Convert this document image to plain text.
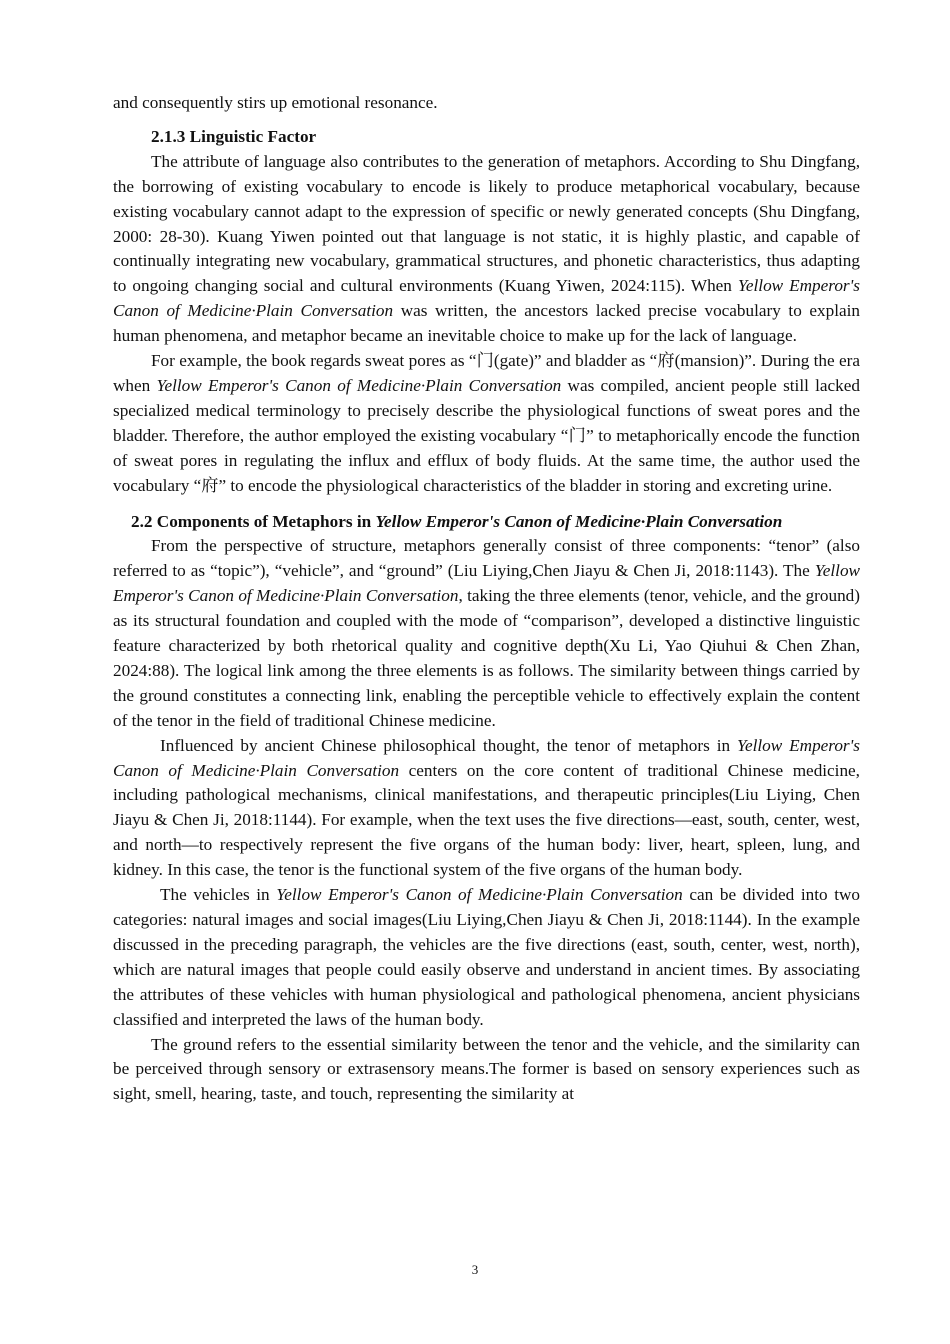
and consequently stirs up emotional resonance.

2.1.3 Linguistic Factor

The attribute of language also contributes to the generation of metaphors. According to Shu Dingfang, the borrowing of existing vocabulary to encode is likely to produce metaphorical vocabulary, because existing vocabulary cannot adapt to the expression of specific or newly generated concepts (Shu Dingfang, 2000: 28-30). Kuang Yiwen pointed out that language is not static, it is highly plastic, and capable of continually integrating new vocabulary, grammatical structures, and phonetic characteristics, thus adapting to ongoing changing social and cultural environments (Kuang Yiwen, 2024:115). When Yellow Emperor's Canon of Medicine·Plain Conversation was written, the ancestors lacked precise vocabulary to explain human phenomena, and metaphor became an inevitable choice to make up for the lack of language.

For example, the book regards sweat pores as “门(gate)” and bladder as “府(mansion)”. During the era when Yellow Emperor's Canon of Medicine·Plain Conversation was compiled, ancient people still lacked specialized medical terminology to precisely describe the physiological functions of sweat pores and the bladder. Therefore, the author employed the existing vocabulary “门” to metaphorically encode the function of sweat pores in regulating the influx and efflux of body fluids. At the same time, the author used the vocabulary “府” to encode the physiological characteristics of the bladder in storing and excreting urine.

2.2 Components of Metaphors in Yellow Emperor's Canon of Medicine·Plain Conversation

From the perspective of structure, metaphors generally consist of three components: “tenor” (also referred to as “topic”), “vehicle”, and “ground” (Liu Liying,Chen Jiayu & Chen Ji, 2018:1143). The Yellow Emperor's Canon of Medicine·Plain Conversation, taking the three elements (tenor, vehicle, and the ground) as its structural foundation and coupled with the mode of “comparison”, developed a distinctive linguistic feature characterized by both rhetorical quality and cognitive depth(Xu Li, Yao Qiuhui & Chen Zhan, 2024:88). The logical link among the three elements is as follows. The similarity between things carried by the ground constitutes a connecting link, enabling the perceptible vehicle to effectively explain the content of the tenor in the field of traditional Chinese medicine.

Influenced by ancient Chinese philosophical thought, the tenor of metaphors in Yellow Emperor's Canon of Medicine·Plain Conversation centers on the core content of traditional Chinese medicine, including pathological mechanisms, clinical manifestations, and therapeutic principles(Liu Liying, Chen Jiayu & Chen Ji, 2018:1144). For example, when the text uses the five directions—east, south, center, west, and north—to respectively represent the five organs of the human body: liver, heart, spleen, lung, and kidney. In this case, the tenor is the functional system of the five organs of the human body.

The vehicles in Yellow Emperor's Canon of Medicine·Plain Conversation can be divided into two categories: natural images and social images(Liu Liying,Chen Jiayu & Chen Ji, 2018:1144). In the example discussed in the preceding paragraph, the vehicles are the five directions (east, south, center, west, north), which are natural images that people could easily observe and understand in ancient times. By associating the attributes of these vehicles with human physiological and pathological phenomena, ancient physicians classified and interpreted the laws of the human body.

The ground refers to the essential similarity between the tenor and the vehicle, and the similarity can be perceived through sensory or extrasensory means.The former is based on sensory experiences such as sight, smell, hearing, taste, and touch, representing the similarity at

3
